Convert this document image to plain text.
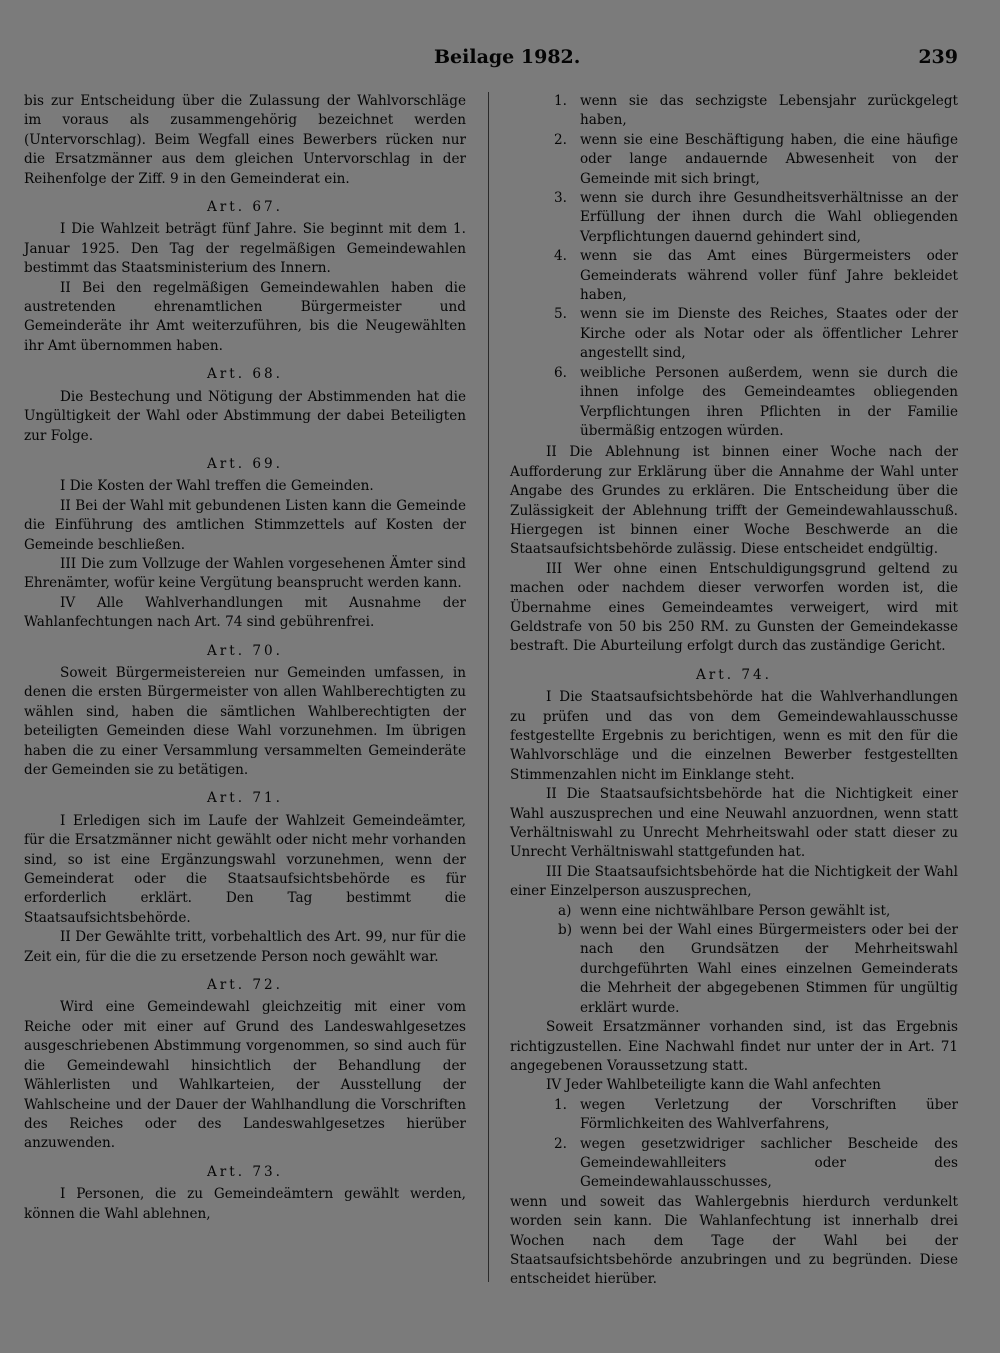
Beilage 1982.	239

bis zur Entscheidung über die Zulassung der Wahlvorschläge im voraus als zusammengehörig bezeichnet werden (Untervorschlag). Beim Wegfall eines Bewerbers rücken nur die Ersatzmänner aus dem gleichen Untervorschlag in der Reihenfolge der Ziff. 9 in den Gemeinderat ein.

Art. 67.

I Die Wahlzeit beträgt fünf Jahre. Sie beginnt mit dem 1. Januar 1925. Den Tag der regelmäßigen Gemeindewahlen bestimmt das Staatsministerium des Innern.

II Bei den regelmäßigen Gemeindewahlen haben die austretenden ehrenamtlichen Bürgermeister und Gemeinderäte ihr Amt weiterzuführen, bis die Neugewählten ihr Amt übernommen haben.

Art. 68.

Die Bestechung und Nötigung der Abstimmenden hat die Ungültigkeit der Wahl oder Abstimmung der dabei Beteiligten zur Folge.

Art. 69.

I Die Kosten der Wahl treffen die Gemeinden.

II Bei der Wahl mit gebundenen Listen kann die Gemeinde die Einführung des amtlichen Stimmzettels auf Kosten der Gemeinde beschließen.

III Die zum Vollzuge der Wahlen vorgesehenen Ämter sind Ehrenämter, wofür keine Vergütung beansprucht werden kann.

IV Alle Wahlverhandlungen mit Ausnahme der Wahlanfechtungen nach Art. 74 sind gebührenfrei.

Art. 70.

Soweit Bürgermeistereien nur Gemeinden umfassen, in denen die ersten Bürgermeister von allen Wahlberechtigten zu wählen sind, haben die sämtlichen Wahlberechtigten der beteiligten Gemeinden diese Wahl vorzunehmen. Im übrigen haben die zu einer Versammlung versammelten Gemeinderäte der Gemeinden sie zu betätigen.

Art. 71.

I Erledigen sich im Laufe der Wahlzeit Gemeindeämter, für die Ersatzmänner nicht gewählt oder nicht mehr vorhanden sind, so ist eine Ergänzungswahl vorzunehmen, wenn der Gemeinderat oder die Staatsaufsichtsbehörde es für erforderlich erklärt. Den Tag bestimmt die Staatsaufsichtsbehörde.

II Der Gewählte tritt, vorbehaltlich des Art. 99, nur für die Zeit ein, für die die zu ersetzende Person noch gewählt war.

Art. 72.

Wird eine Gemeindewahl gleichzeitig mit einer vom Reiche oder mit einer auf Grund des Landeswahlgesetzes ausgeschriebenen Abstimmung vorgenommen, so sind auch für die Gemeindewahl hinsichtlich der Behandlung der Wählerlisten und Wahlkarteien, der Ausstellung der Wahlscheine und der Dauer der Wahlhandlung die Vorschriften des Reiches oder des Landeswahlgesetzes hierüber anzuwenden.

Art. 73.

I Personen, die zu Gemeindeämtern gewählt werden, können die Wahl ablehnen,

1. wenn sie das sechzigste Lebensjahr zurückgelegt haben,
2. wenn sie eine Beschäftigung haben, die eine häufige oder lange andauernde Abwesenheit von der Gemeinde mit sich bringt,
3. wenn sie durch ihre Gesundheitsverhältnisse an der Erfüllung der ihnen durch die Wahl obliegenden Verpflichtungen dauernd gehindert sind,
4. wenn sie das Amt eines Bürgermeisters oder Gemeinderats während voller fünf Jahre bekleidet haben,
5. wenn sie im Dienste des Reiches, Staates oder der Kirche oder als Notar oder als öffentlicher Lehrer angestellt sind,
6. weibliche Personen außerdem, wenn sie durch die ihnen infolge des Gemeindeamtes obliegenden Verpflichtungen ihren Pflichten in der Familie übermäßig entzogen würden.

II Die Ablehnung ist binnen einer Woche nach der Aufforderung zur Erklärung über die Annahme der Wahl unter Angabe des Grundes zu erklären. Die Entscheidung über die Zulässigkeit der Ablehnung trifft der Gemeindewahlausschuß. Hiergegen ist binnen einer Woche Beschwerde an die Staatsaufsichtsbehörde zulässig. Diese entscheidet endgültig.

III Wer ohne einen Entschuldigungsgrund geltend zu machen oder nachdem dieser verworfen worden ist, die Übernahme eines Gemeindeamtes verweigert, wird mit Geldstrafe von 50 bis 250 RM. zu Gunsten der Gemeindekasse bestraft. Die Aburteilung erfolgt durch das zuständige Gericht.

Art. 74.

I Die Staatsaufsichtsbehörde hat die Wahlverhandlungen zu prüfen und das von dem Gemeindewahlausschusse festgestellte Ergebnis zu berichtigen, wenn es mit den für die Wahlvorschläge und die einzelnen Bewerber festgestellten Stimmenzahlen nicht im Einklange steht.

II Die Staatsaufsichtsbehörde hat die Nichtigkeit einer Wahl auszusprechen und eine Neuwahl anzuordnen, wenn statt Verhältniswahl zu Unrecht Mehrheitswahl oder statt dieser zu Unrecht Verhältniswahl stattgefunden hat.

III Die Staatsaufsichtsbehörde hat die Nichtigkeit der Wahl einer Einzelperson auszusprechen,

a) wenn eine nichtwählbare Person gewählt ist,
b) wenn bei der Wahl eines Bürgermeisters oder bei der nach den Grundsätzen der Mehrheitswahl durchgeführten Wahl eines einzelnen Gemeinderats die Mehrheit der abgegebenen Stimmen für ungültig erklärt wurde.

Soweit Ersatzmänner vorhanden sind, ist das Ergebnis richtigzustellen. Eine Nachwahl findet nur unter der in Art. 71 angegebenen Voraussetzung statt.

IV Jeder Wahlbeteiligte kann die Wahl anfechten

1. wegen Verletzung der Vorschriften über Förmlichkeiten des Wahlverfahrens,
2. wegen gesetzwidriger sachlicher Bescheide des Gemeindewahlleiters oder des Gemeindewahlausschusses,

wenn und soweit das Wahlergebnis hierdurch verdunkelt worden sein kann. Die Wahlanfechtung ist innerhalb drei Wochen nach dem Tage der Wahl bei der Staatsaufsichtsbehörde anzubringen und zu begründen. Diese entscheidet hierüber.
